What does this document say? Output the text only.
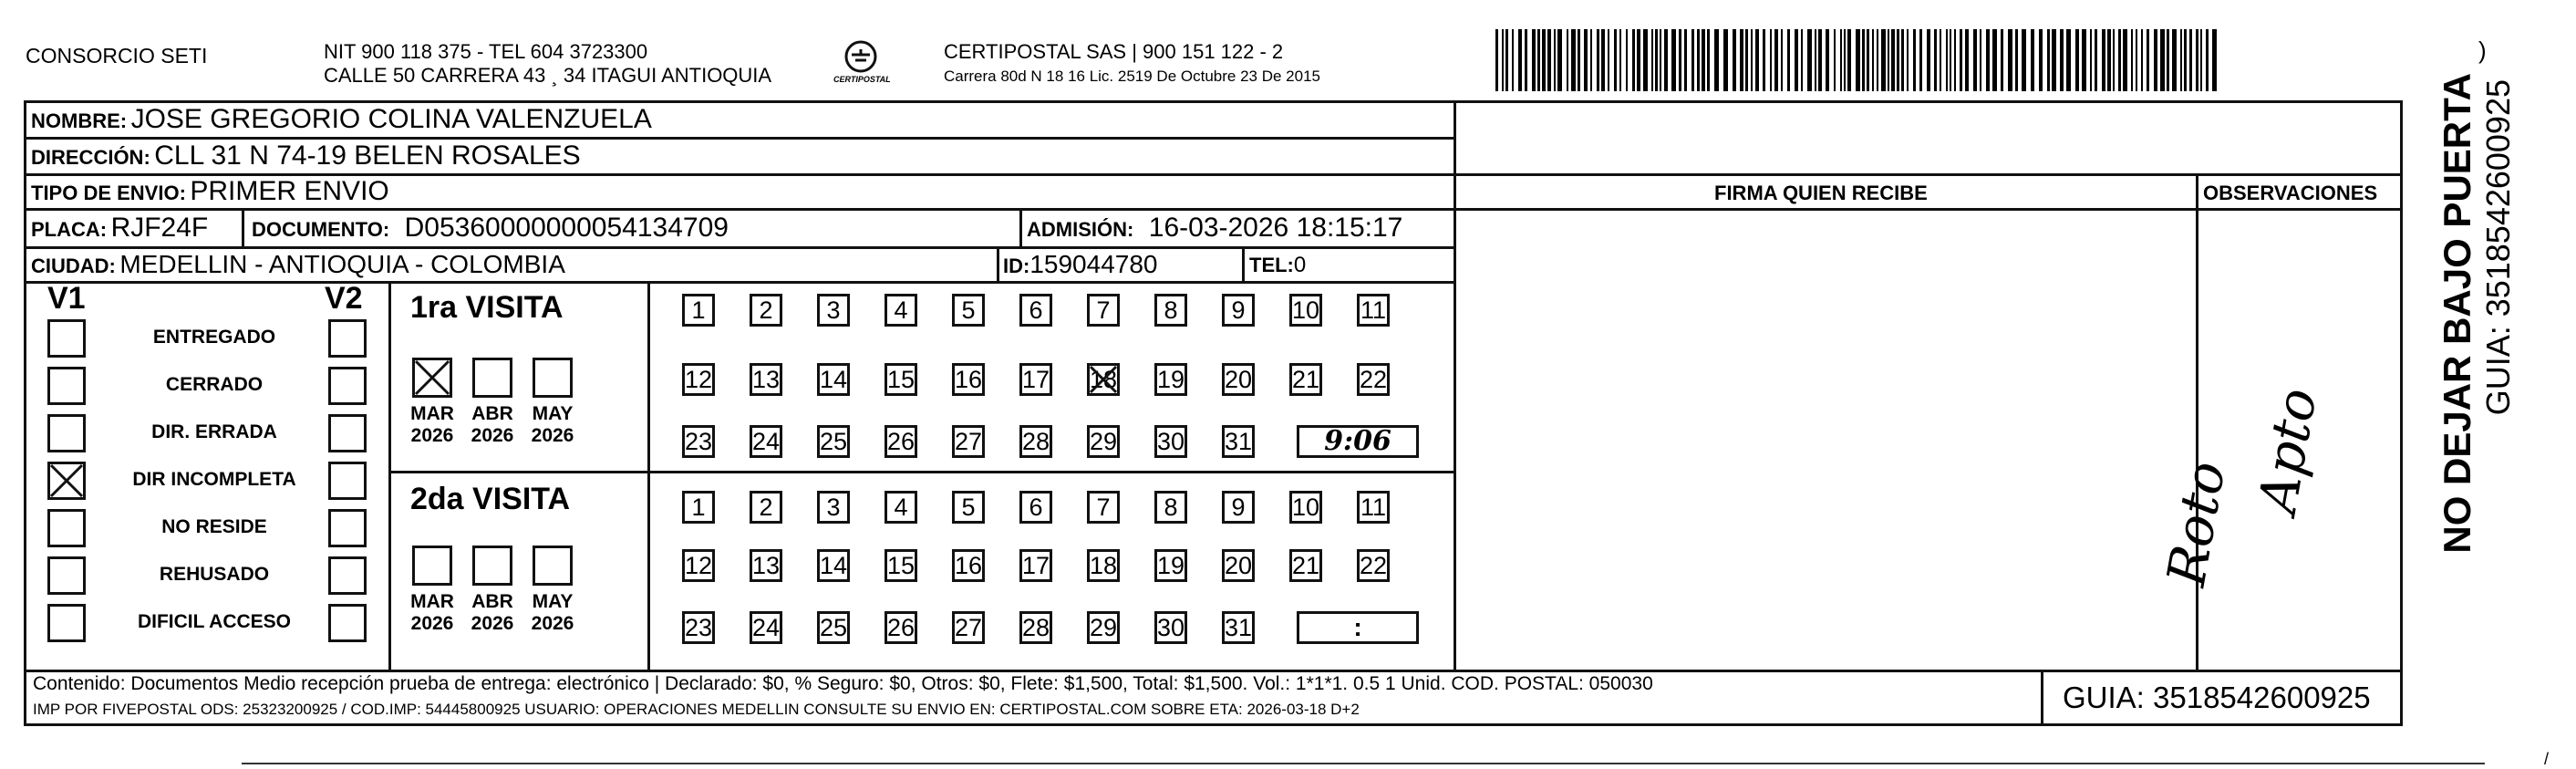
CONSORCIO SETI	NIT 900 118 375 - TEL 604 3723300
CALLE 50 CARRERA 43 ¸ 34 ITAGUI ANTIOQUIA	CERTIPOSTAL
CERTIPOSTAL SAS | 900 151 122 - 2
Carrera 80d N 18 16 Lic. 2519 De Octubre 23 De 2015
)
NOMBRE: JOSE GREGORIO COLINA VALENZUELA
DIRECCIÓN: CLL 31 N 74-19 BELEN ROSALES
TIPO DE ENVIO: PRIMER ENVIO	FIRMA QUIEN RECIBE	OBSERVACIONES
PLACA: RJF24F DOCUMENTO: D05360000000054134709	ADMISIÓN: 16-03-2026 18:15:17
CIUDAD: MEDELLIN - ANTIOQUIA - COLOMBIA	ID:159044780	TEL:0
V1	V2
ENTREGADO
CERRADO
DIR. ERRADA
DIR INCOMPLETA
NO RESIDE
REHUSADO
DIFICIL ACCESO
1ra VISITA
2da VISITA
MAR
2026
ABR
2026
MAY
2026
MAR
2026
ABR
2026
MAY
2026
1	2	3	4	5	6	7	8	9	10 11
12 13 14 15 16 17 18 19 20 21 22
23 24 25 26 27 28 29 30 31	9:06
1	2	3	4	5	6	7	8	9	10 11
12 13 14 15 16 17 18 19 20 21 22
23 24 25 26 27 28 29 30 31	:
Roto
Apto	NO DEJAR BAJO PUERTA GUIA: 3518542600925
Contenido: Documentos Medio recepción prueba de entrega: electrónico | Declarado: $0, % Seguro: $0, Otros: $0, Flete: $1,500, Total: $1,500. Vol.: 1*1*1. 0.5 1 Unid. COD. POSTAL: 050030
IMP POR FIVEPOSTAL ODS: 25323200925 / COD.IMP: 54445800925 USUARIO: OPERACIONES MEDELLIN CONSULTE SU ENVIO EN: CERTIPOSTAL.COM SOBRE ETA: 2026-03-18 D+2	GUIA: 3518542600925
/
